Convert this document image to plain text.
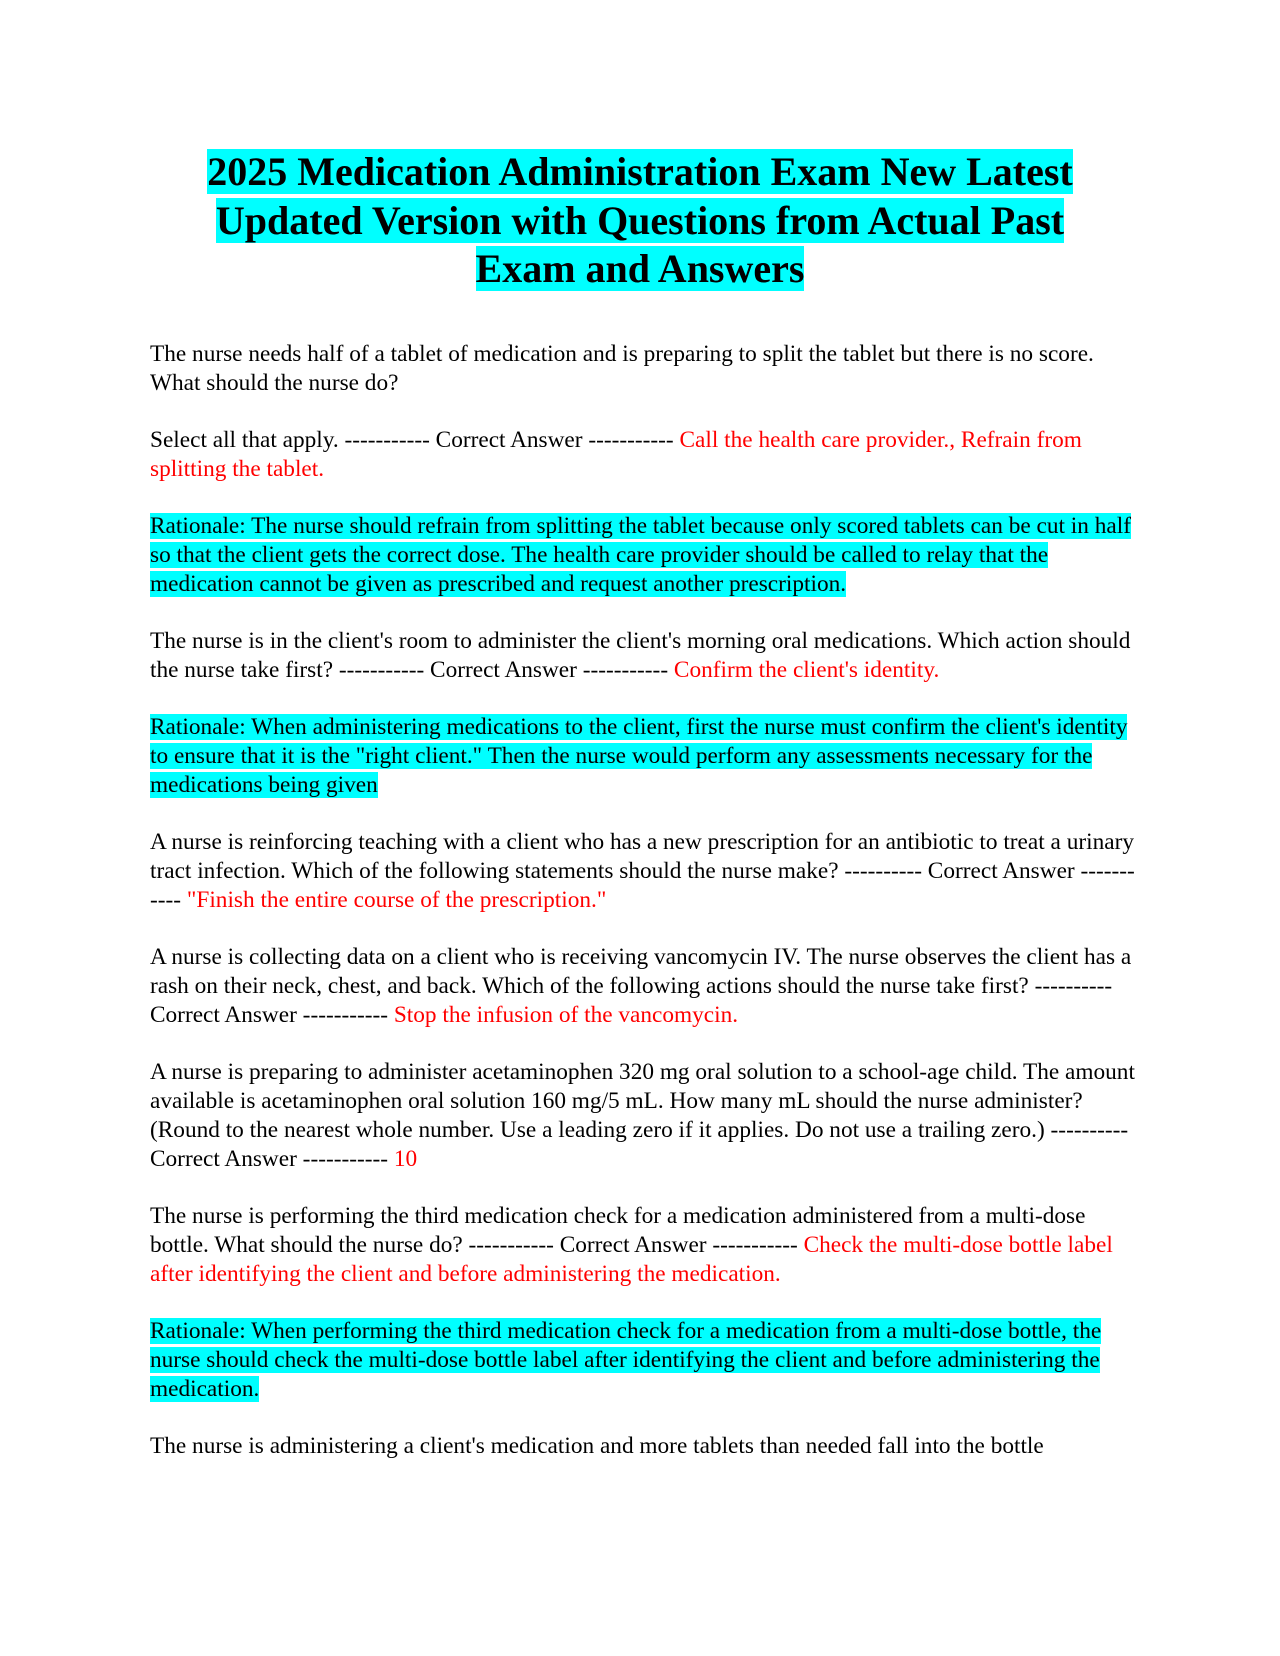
2025 Medication Administration Exam New Latest
Updated Version with Questions from Actual Past
Exam and Answers

The nurse needs half of a tablet of medication and is preparing to split the tablet but there is no score. What should the nurse do?

Select all that apply. ----------- Correct Answer ----------- Call the health care provider., Refrain from splitting the tablet.

Rationale: The nurse should refrain from splitting the tablet because only scored tablets can be cut in half so that the client gets the correct dose. The health care provider should be called to relay that the medication cannot be given as prescribed and request another prescription.

The nurse is in the client's room to administer the client's morning oral medications. Which action should the nurse take first? ----------- Correct Answer ----------- Confirm the client's identity.

Rationale: When administering medications to the client, first the nurse must confirm the client's identity to ensure that it is the "right client." Then the nurse would perform any assessments necessary for the medications being given

A nurse is reinforcing teaching with a client who has a new prescription for an antibiotic to treat a urinary tract infection. Which of the following statements should the nurse make? ---------- Correct Answer ----------- "Finish the entire course of the prescription."

A nurse is collecting data on a client who is receiving vancomycin IV. The nurse observes the client has a rash on their neck, chest, and back. Which of the following actions should the nurse take first? ---------- Correct Answer ----------- Stop the infusion of the vancomycin.

A nurse is preparing to administer acetaminophen 320 mg oral solution to a school-age child. The amount available is acetaminophen oral solution 160 mg/5 mL. How many mL should the nurse administer? (Round to the nearest whole number. Use a leading zero if it applies. Do not use a trailing zero.) ---------- Correct Answer ----------- 10

The nurse is performing the third medication check for a medication administered from a multi-dose bottle. What should the nurse do? ----------- Correct Answer ----------- Check the multi-dose bottle label after identifying the client and before administering the medication.

Rationale: When performing the third medication check for a medication from a multi-dose bottle, the nurse should check the multi-dose bottle label after identifying the client and before administering the medication.

The nurse is administering a client's medication and more tablets than needed fall into the bottle
